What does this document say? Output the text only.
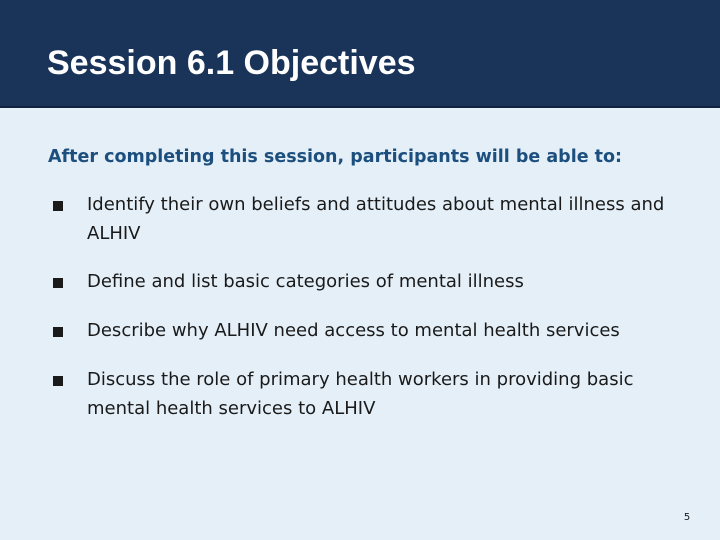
Session 6.1 Objectives

After completing this session, participants will be able to:

Identify their own beliefs and attitudes about mental illness and ALHIV
Define and list basic categories of mental illness
Describe why ALHIV need access to mental health services
Discuss the role of primary health workers in providing basic mental health services to ALHIV
5
